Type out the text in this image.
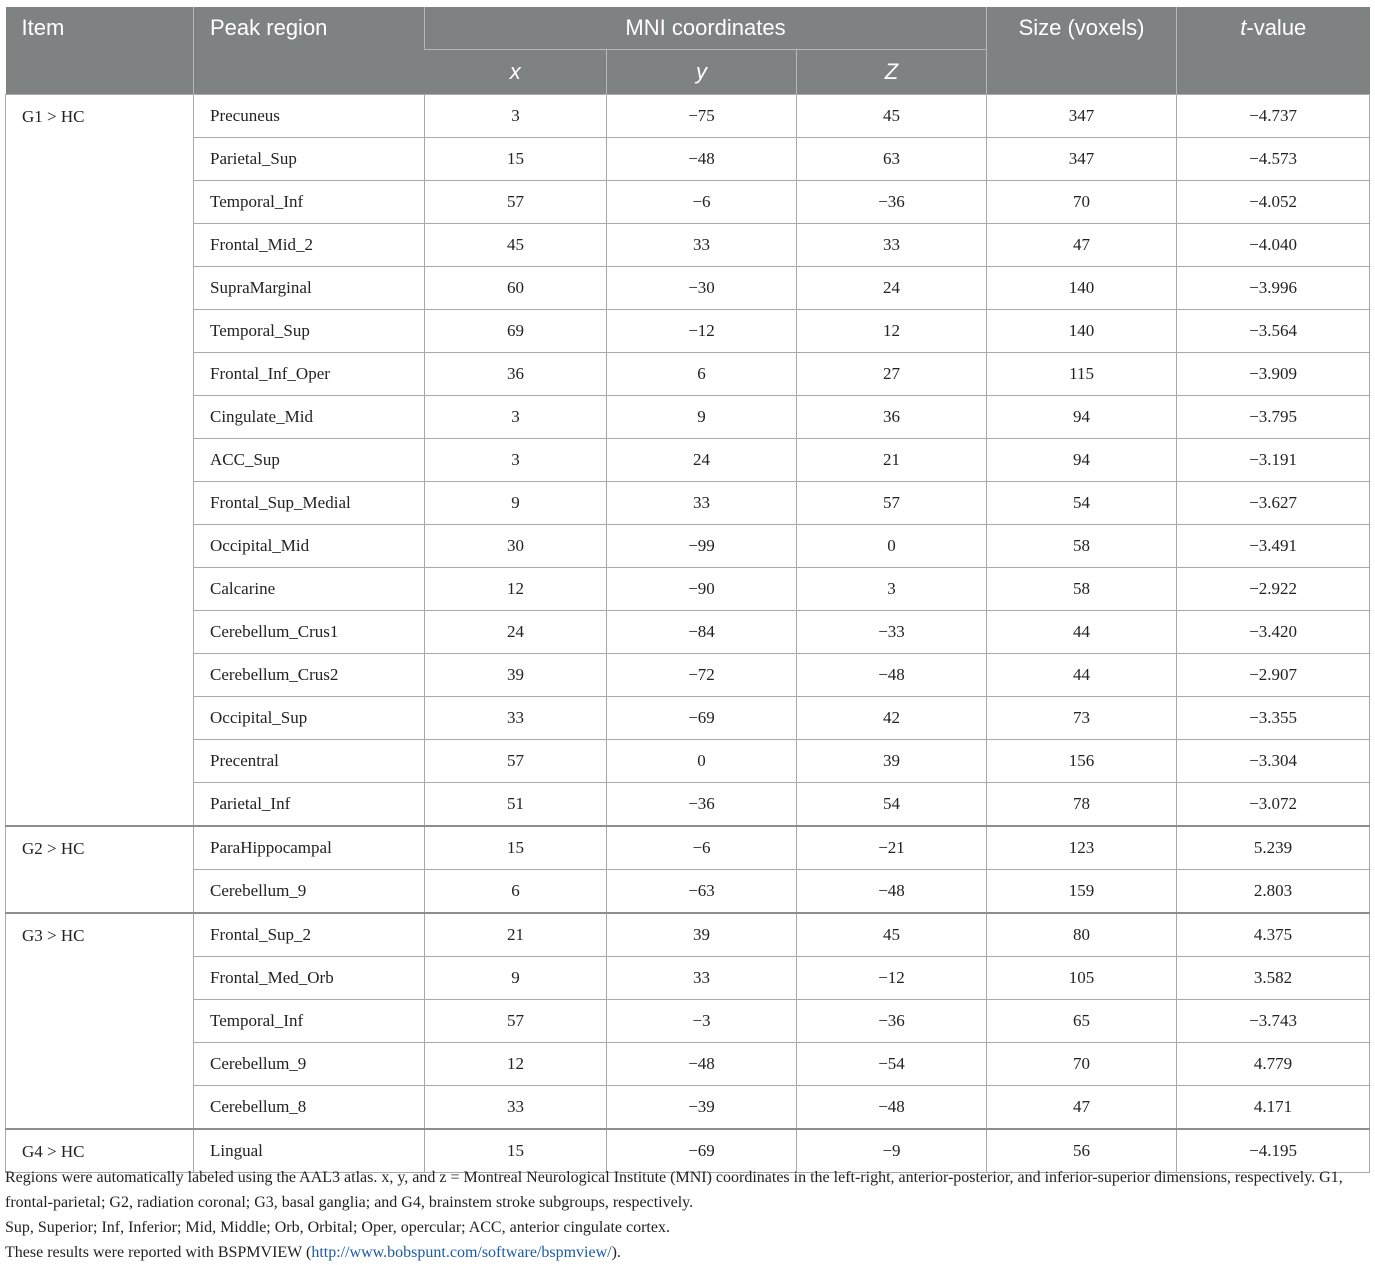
Item	Peak region	MNI coordinates			Size (voxels)	t-value
		x	y	Z		
G1 > HC	Precuneus	3	−75	45	347	−4.737
	Parietal_Sup	15	−48	63	347	−4.573
	Temporal_Inf	57	−6	−36	70	−4.052
	Frontal_Mid_2	45	33	33	47	−4.040
	SupraMarginal	60	−30	24	140	−3.996
	Temporal_Sup	69	−12	12	140	−3.564
	Frontal_Inf_Oper	36	6	27	115	−3.909
	Cingulate_Mid	3	9	36	94	−3.795
	ACC_Sup	3	24	21	94	−3.191
	Frontal_Sup_Medial	9	33	57	54	−3.627
	Occipital_Mid	30	−99	0	58	−3.491
	Calcarine	12	−90	3	58	−2.922
	Cerebellum_Crus1	24	−84	−33	44	−3.420
	Cerebellum_Crus2	39	−72	−48	44	−2.907
	Occipital_Sup	33	−69	42	73	−3.355
	Precentral	57	0	39	156	−3.304
	Parietal_Inf	51	−36	54	78	−3.072
G2 > HC	ParaHippocampal	15	−6	−21	123	5.239
	Cerebellum_9	6	−63	−48	159	2.803
G3 > HC	Frontal_Sup_2	21	39	45	80	4.375
	Frontal_Med_Orb	9	33	−12	105	3.582
	Temporal_Inf	57	−3	−36	65	−3.743
	Cerebellum_9	12	−48	−54	70	4.779
	Cerebellum_8	33	−39	−48	47	4.171
G4 > HC	Lingual	15	−69	−9	56	−4.195

Regions were automatically labeled using the AAL3 atlas. x, y, and z = Montreal Neurological Institute (MNI) coordinates in the left-right, anterior-posterior, and inferior-superior dimensions, respectively. G1, frontal-parietal; G2, radiation coronal; G3, basal ganglia; and G4, brainstem stroke subgroups, respectively.

Sup, Superior; Inf, Inferior; Mid, Middle; Orb, Orbital; Oper, opercular; ACC, anterior cingulate cortex.

These results were reported with BSPMVIEW (http://www.bobspunt.com/software/bspmview/).
